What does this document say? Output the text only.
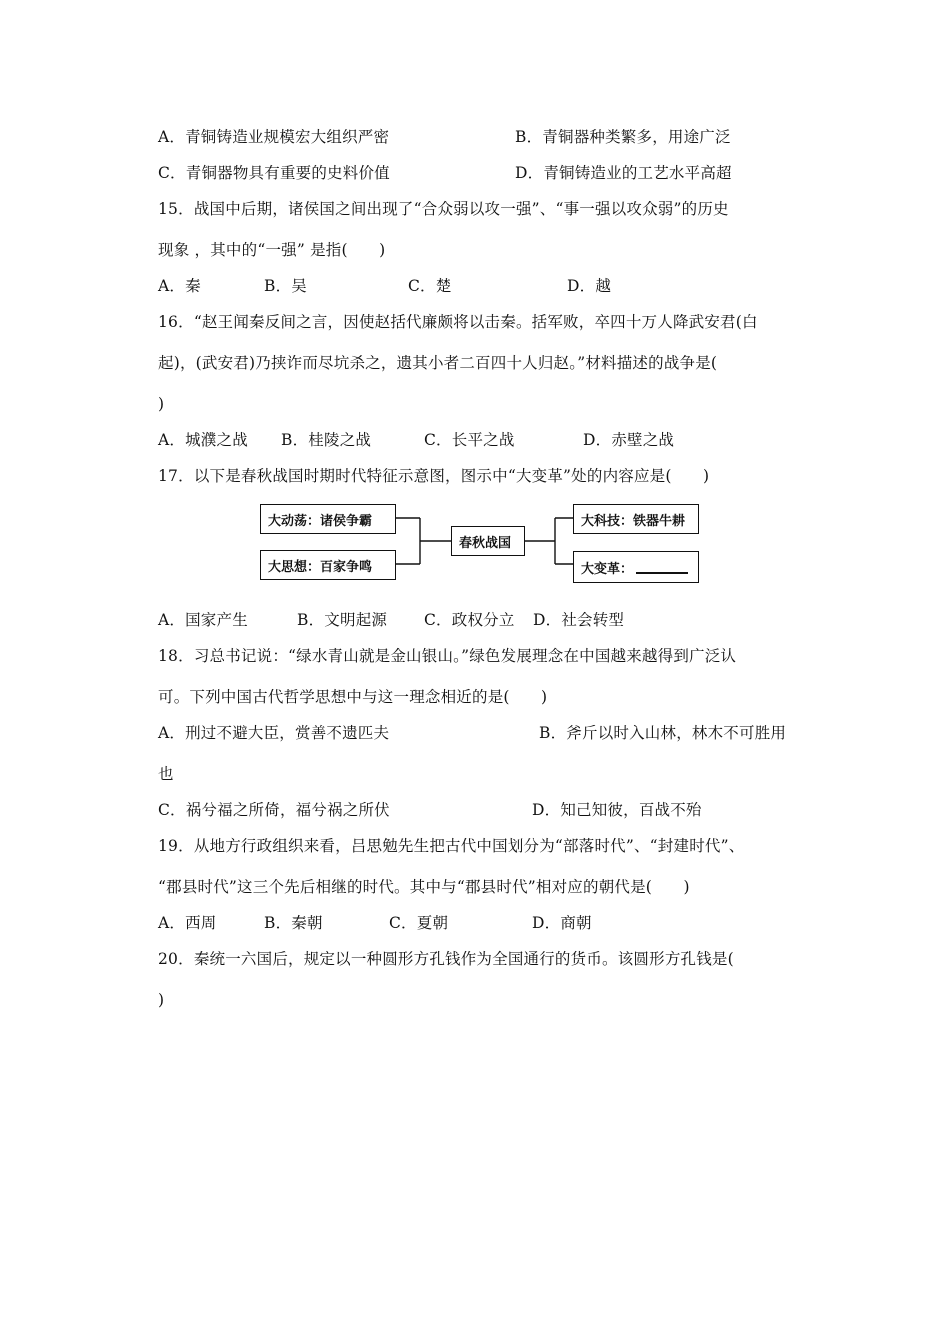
A．青铜铸造业规模宏大组织严密	B．青铜器种类繁多，用途广泛
C．青铜器物具有重要的史料价值	D．青铜铸造业的工艺水平高超
15．战国中后期，诸侯国之间出现了“合众弱以攻一强”、“事一强以攻众弱”的历史
现象 ，其中的“一强” 是指(　　)
A．秦	B．吴	C．楚	D．越
16．“赵王闻秦反间之言，因使赵括代廉颇将以击秦。括军败，卒四十万人降武安君(白
起)，(武安君)乃挟诈而尽坑杀之，遗其小者二百四十人归赵。”材料描述的战争是(
)
A．城濮之战 B．桂陵之战	C．长平之战	D．赤壁之战
17．以下是春秋战国时期时代特征示意图，图示中“大变革”处的内容应是(　　)
大动荡：诸侯争霸
大思想：百家争鸣
春秋战国
大科技：铁器牛耕
大变革：
A．国家产生	B．文明起源 C．政权分立 D．社会转型
18．习总书记说：“绿水青山就是金山银山。”绿色发展理念在中国越来越得到广泛认
可。下列中国古代哲学思想中与这一理念相近的是(　　)
A．刑过不避大臣，赏善不遗匹夫	B．斧斤以时入山林，林木不可胜用
也
C．祸兮福之所倚，福兮祸之所伏	D．知己知彼，百战不殆
19．从地方行政组织来看，吕思勉先生把古代中国划分为“部落时代”、“封建时代”、
“郡县时代”这三个先后相继的时代。其中与“郡县时代”相对应的朝代是(　　)
A．西周	B．秦朝	C．夏朝	D．商朝
20．秦统一六国后，规定以一种圆形方孔钱作为全国通行的货币。该圆形方孔钱是(
)
